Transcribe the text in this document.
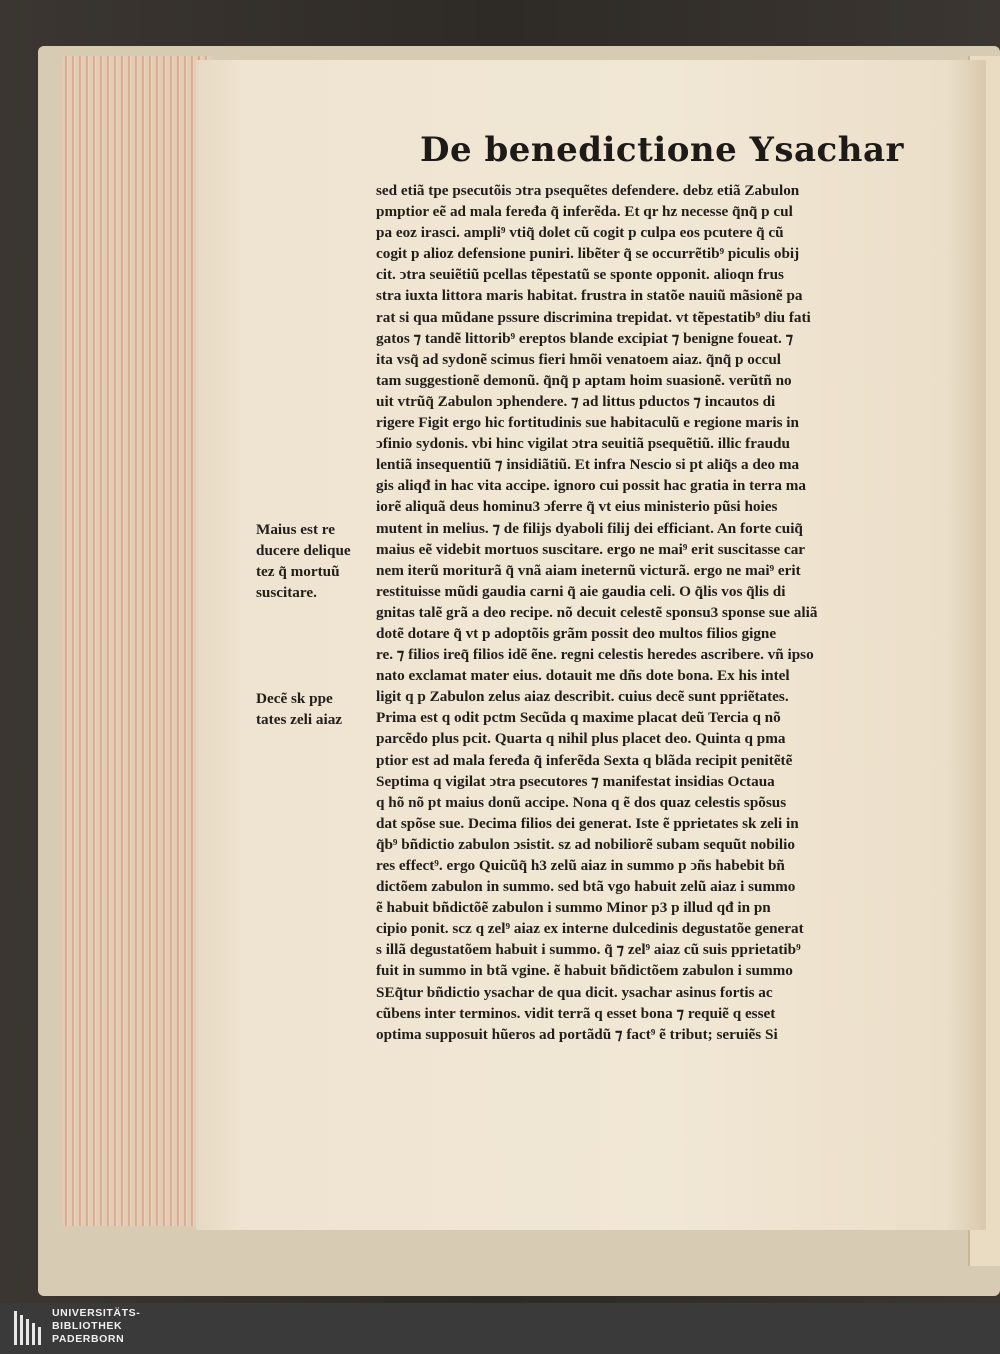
De benedictione Ysachar
sed etiã tpe psecutõis ↄtra psequẽtes defendere. debz etiã Zabulon
pmptior eẽ ad mala feređa q̃ inferẽda. Et qr hz necesse q̃nq̃ p cul
pa eoz irasci. ampli⁹ vtiq̃ dolet cũ cogit p culpa eos pcutere q̃ cũ
cogit p alioz defensione puniri. libẽter q̃ se occurrẽtib⁹ piculis obij
cit. ↄtra seuiẽtiũ pcellas tẽpestatũ se sponte opponit. alioqn frus
stra iuxta littora maris habitat. frustra in statõe nauiũ mãsionẽ pa
rat si qua mũdane pssure discrimina trepidat. vt tẽpestatib⁹ diu fati
gatos ⁊ tandẽ littorib⁹ ereptos blande excipiat ⁊ benigne foueat. ⁊
ita vsq̃ ad sydonẽ scimus fieri hmõi venatoem aiaz. q̃nq̃ p occul
tam suggestionẽ demonũ. q̃nq̃ p aptam hoim suasionẽ. verũtñ no
uit vtrũq̃ Zabulon ↄphendere. ⁊ ad littus pductos ⁊ incautos di
rigere Figit ergo hic fortitudinis sue habitaculũ e regione maris in
ↄfinio sydonis. vbi hinc vigilat ↄtra seuitiã psequẽtiũ. illic fraudu
lentiã insequentiũ ⁊ insidiãtiũ. Et infra Nescio si pt aliq̃s a deo ma
gis aliqđ in hac vita accipe. ignoro cui possit hac gratia in terra ma
iorẽ aliquã deus hominu3 ↄferre q̃ vt eius ministerio pũsi hoies
mutent in melius. ⁊ de filijs dyaboli filij dei efficiant. An forte cuiq̃
maius eẽ videbit mortuos suscitare. ergo ne mai⁹ erit suscitasse car
nem iterũ moriturã q̃ vnã aiam ineternũ victurã. ergo ne mai⁹ erit
restituisse mũdi gaudia carni q̃ aie gaudia celi. O q̃lis vos q̃lis di
gnitas talẽ grã a deo recipe. nõ decuit celestẽ sponsu3 sponse sue aliã
dotẽ dotare q̃ vt p adoptõis grãm possit deo multos filios gigne
re. ⁊ filios ireq̃ filios idẽ ẽne. regni celestis heredes ascribere. vñ ipso
nato exclamat mater eius. dotauit me dñs dote bona. Ex his intel
ligit q p Zabulon zelus aiaz describit. cuius decẽ sunt ppriẽtates.
Prima est q odit pctm Secũda q maxime placat deũ Tercia q nõ
parcẽdo plus pcit. Quarta q nihil plus placet deo. Quinta q pma
ptior est ad mala feređa q̃ inferẽda Sexta q blãda recipit penitẽtẽ
Septima q vigilat ↄtra psecutores ⁊ manifestat insidias Octaua
q hõ nõ pt maius donũ accipe. Nona q ẽ dos quaz celestis spõsus
dat spõse sue. Decima filios dei generat. Iste ẽ pprietates sk zeli in
q̃b⁹ bñdictio zabulon ↄsistit. sz ad nobiliorẽ subam sequũt nobilio
res effect⁹. ergo Quicũq̃ h3 zelũ aiaz in summo p ↄñs habebit bñ
dictõem zabulon in summo. sed btã vgo habuit zelũ aiaz i summo
ẽ habuit bñdictõẽ zabulon i summo Minor p3 p illud qđ in pn
cipio ponit. scz q zel⁹ aiaz ex interne dulcedinis degustatõe generat
s illã degustatõem habuit i summo. q̃ ⁊ zel⁹ aiaz cũ suis pprietatib⁹
fuit in summo in btã vgine. ẽ habuit bñdictõem zabulon i summo
SEq̃tur bñdictio ysachar de qua dicit. ysachar asinus fortis ac
cũbens inter terminos. vidit terrã q esset bona ⁊ requiẽ q esset
optima supposuit hũeros ad portãdũ ⁊ fact⁹ ẽ tribut; seruiẽs Si
Maius est re
ducere delique
tez q̃ mortuũ
suscitare.
Decẽ sk ppe
tates zeli aiaz
UNIVERSITÄTS-
BIBLIOTHEK
PADERBORN
